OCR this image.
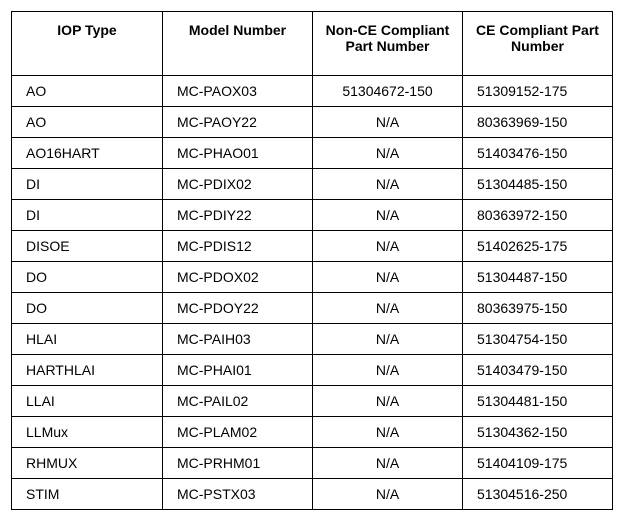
IOP Type	Model Number	Non-CE Compliant Part Number	CE Compliant Part Number
AO	MC-PAOX03	51304672-150	51309152-175
AO	MC-PAOY22	N/A	80363969-150
AO16HART	MC-PHAO01	N/A	51403476-150
DI	MC-PDIX02	N/A	51304485-150
DI	MC-PDIY22	N/A	80363972-150
DISOE	MC-PDIS12	N/A	51402625-175
DO	MC-PDOX02	N/A	51304487-150
DO	MC-PDOY22	N/A	80363975-150
HLAI	MC-PAIH03	N/A	51304754-150
HARTHLAI	MC-PHAI01	N/A	51403479-150
LLAI	MC-PAIL02	N/A	51304481-150
LLMux	MC-PLAM02	N/A	51304362-150
RHMUX	MC-PRHM01	N/A	51404109-175
STIM	MC-PSTX03	N/A	51304516-250
